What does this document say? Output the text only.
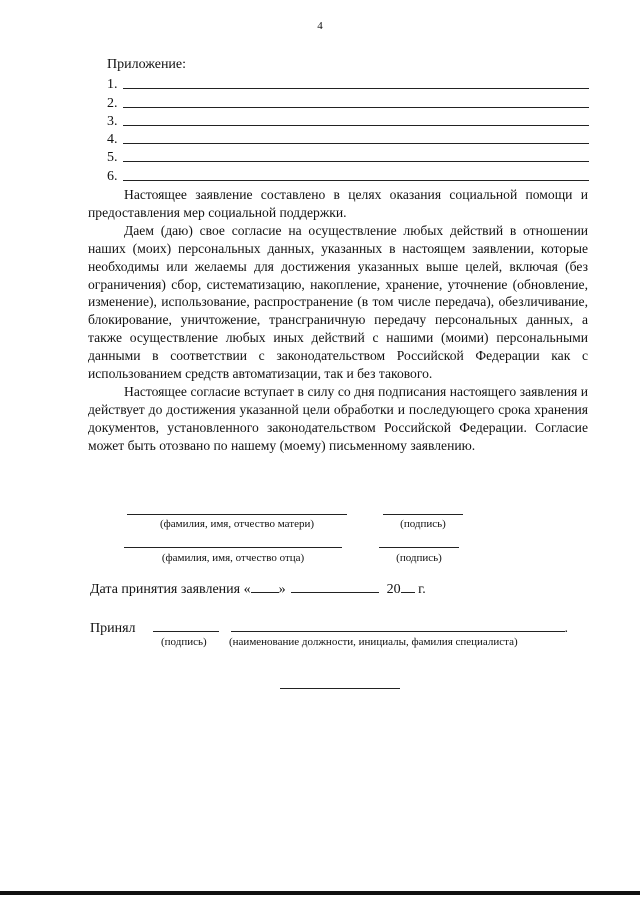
4
Приложение:
1.
2.
3.
4.
5.
6.

Настоящее заявление составлено в целях оказания социальной помощи и предоставления мер социальной поддержки.

Даем (даю) свое согласие на осуществление любых действий в отношении наших (моих) персональных данных, указанных в настоящем заявлении, которые необходимы или желаемы для достижения указанных выше целей, включая (без ограничения) сбор, систематизацию, накопление, хранение, уточнение (обновление, изменение), использование, распространение (в том числе передача), обезличивание, блокирование, уничтожение, трансграничную передачу персональных данных, а также осуществление любых иных действий с нашими (моими) персональными данными в соответствии с законодательством Российской Федерации как с использованием средств автоматизации, так и без такового.

Настоящее согласие вступает в силу со дня подписания настоящего заявления и действует до достижения указанной цели обработки и последующего срока хранения документов, установленного законодательством Российской Федерации. Согласие может быть отозвано по нашему (моему) письменному заявлению.

(фамилия, имя, отчество матери)	(подпись)
(фамилия, имя, отчество отца)	(подпись)
Дата принятия заявления « »	20 г.
Принял	.
(подпись) (наименование должности, инициалы, фамилия специалиста)
